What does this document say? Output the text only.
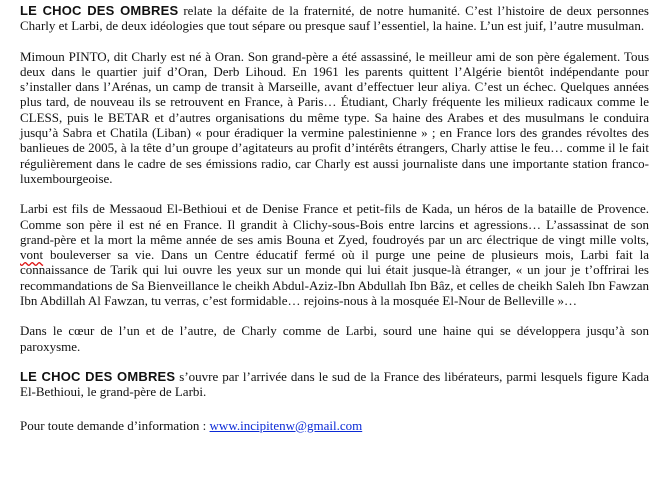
LE CHOC DES OMBRES relate la défaite de la fraternité, de notre humanité. C’est l’histoire de deux personnes Charly et Larbi, de deux idéologies que tout sépare ou presque sauf l’essentiel, la haine. L’un est juif, l’autre musulman.

Mimoun PINTO, dit Charly est né à Oran. Son grand-père a été assassiné, le meilleur ami de son père également. Tous deux dans le quartier juif d’Oran, Derb Lihoud. En 1961 les parents quittent l’Algérie bientôt indépendante pour s’installer dans l’Arénas, un camp de transit à Marseille, avant d’effectuer leur aliya. C’est un échec. Quelques années plus tard, de nouveau ils se retrouvent en France, à Paris… Étudiant, Charly fréquente les milieux radicaux comme le CLESS, puis le BETAR et d’autres organisations du même type. Sa haine des Arabes et des musulmans le conduira jusqu’à Sabra et Chatila (Liban) « pour éradiquer la vermine palestinienne » ; en France lors des grandes révoltes des banlieues de 2005, à la tête d’un groupe d’agitateurs au profit d’intérêts étrangers, Charly attise le feu… comme il le fait régulièrement dans le cadre de ses émissions radio, car Charly est aussi journaliste dans une importante station franco-luxembourgeoise.

Larbi est fils de Messaoud El-Bethioui et de Denise France et petit-fils de Kada, un héros de la bataille de Provence. Comme son père il est né en France. Il grandit à Clichy-sous-Bois entre larcins et agressions… L’assassinat de son grand-père et la mort la même année de ses amis Bouna et Zyed, foudroyés par un arc électrique de vingt mille volts, vont bouleverser sa vie. Dans un Centre éducatif fermé où il purge une peine de plusieurs mois, Larbi fait la connaissance de Tarik qui lui ouvre les yeux sur un monde qui lui était jusque-là étranger, « un jour je t’offrirai les recommandations de Sa Bienveillance le cheikh Abdul-Aziz-Ibn Abdullah Ibn Bâz, et celles de cheikh Saleh Ibn Fawzan Ibn Abdillah Al Fawzan, tu verras, c’est formidable… rejoins-nous à la mosquée El-Nour de Belleville »…

Dans le cœur de l’un et de l’autre, de Charly comme de Larbi, sourd une haine qui se développera jusqu’à son paroxysme.

LE CHOC DES OMBRES s’ouvre par l’arrivée dans le sud de la France des libérateurs, parmi lesquels figure Kada El-Bethioui, le grand-père de Larbi.

Pour toute demande d’information : www.incipitenw@gmail.com
